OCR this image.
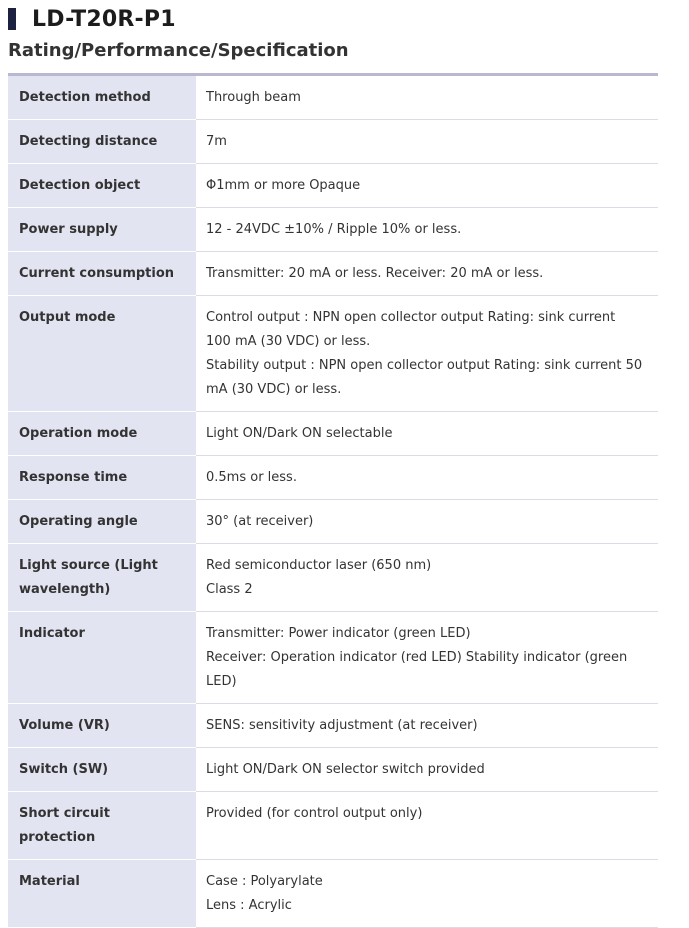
LD-T20R-P1
Rating/Performance/Specification
Detection method	Through beam

Detecting distance	7m

Detection object	Φ1mm or more Opaque

Power supply	12 - 24VDC ±10% / Ripple 10% or less.

Current consumption	Transmitter: 20 mA or less. Receiver: 20 mA or less.

Output mode	Control output : NPN open collector output Rating: sink current 100 mA (30 VDC) or less.
Stability output : NPN open collector output Rating: sink current 50 mA (30 VDC) or less.

Operation mode	Light ON/Dark ON selectable

Response time	0.5ms or less.

Operating angle	30° (at receiver)

Light source (Light wavelength)	Red semiconductor laser (650 nm)
Class 2

Indicator	Transmitter: Power indicator (green LED)
Receiver: Operation indicator (red LED) Stability indicator (green LED)

Volume (VR)	SENS: sensitivity adjustment (at receiver)

Switch (SW)	Light ON/Dark ON selector switch provided

Short circuit protection	Provided (for control output only)

Material	Case : Polyarylate
Lens : Acrylic
